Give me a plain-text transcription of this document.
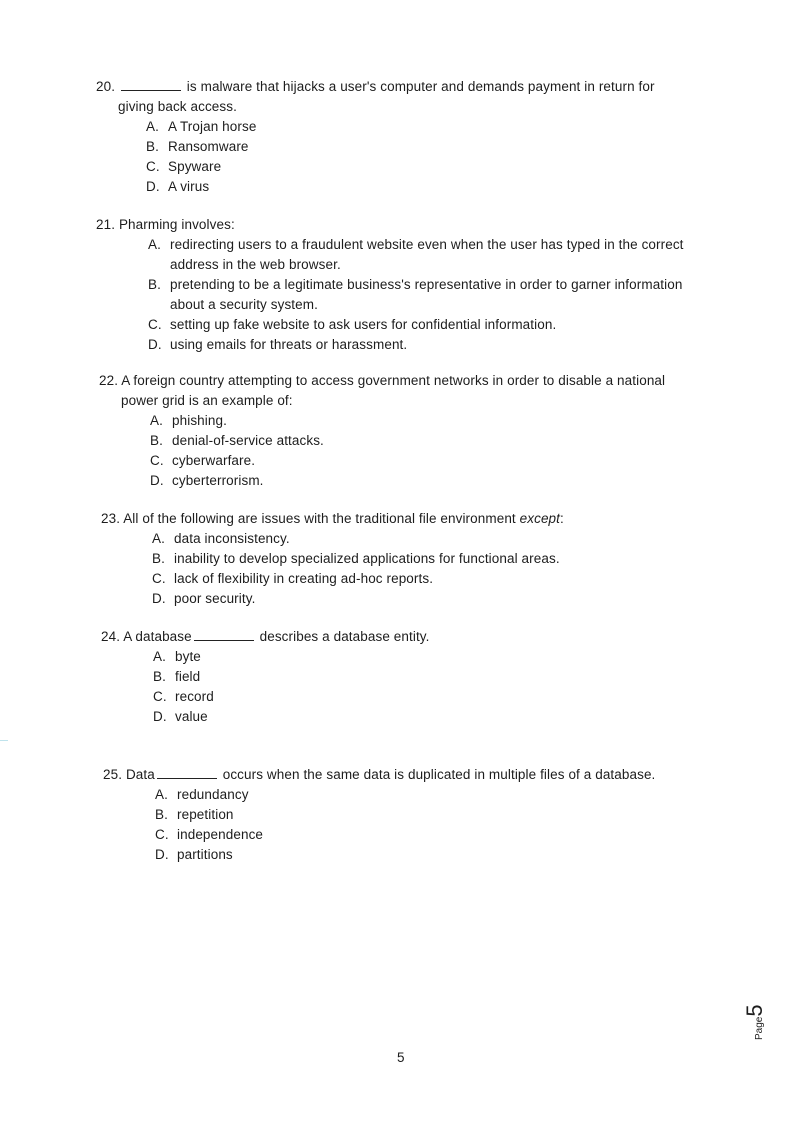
20.	is malware that hijacks a user's computer and demands payment in return for
giving back access.
A. A Trojan horse
B. Ransomware
C. Spyware
D. A virus
21. Pharming involves:
A. redirecting users to a fraudulent website even when the user has typed in the correct address in the web browser.
B. pretending to be a legitimate business's representative in order to garner information about a security system.
C. setting up fake website to ask users for confidential information.
D. using emails for threats or harassment.
22. A foreign country attempting to access government networks in order to disable a national
power grid is an example of:
A. phishing.
B. denial-of-service attacks.
C. cyberwarfare.
D. cyberterrorism.
23. All of the following are issues with the traditional file environment except:
A. data inconsistency.
B. inability to develop specialized applications for functional areas.
C. lack of flexibility in creating ad-hoc reports.
D. poor security.
24. A database	describes a database entity.
A. byte
B. field
C. record
D. value
25. Data	occurs when the same data is duplicated in multiple files of a database.
A. redundancy
B. repetition
C. independence
D. partitions
5
Page5
